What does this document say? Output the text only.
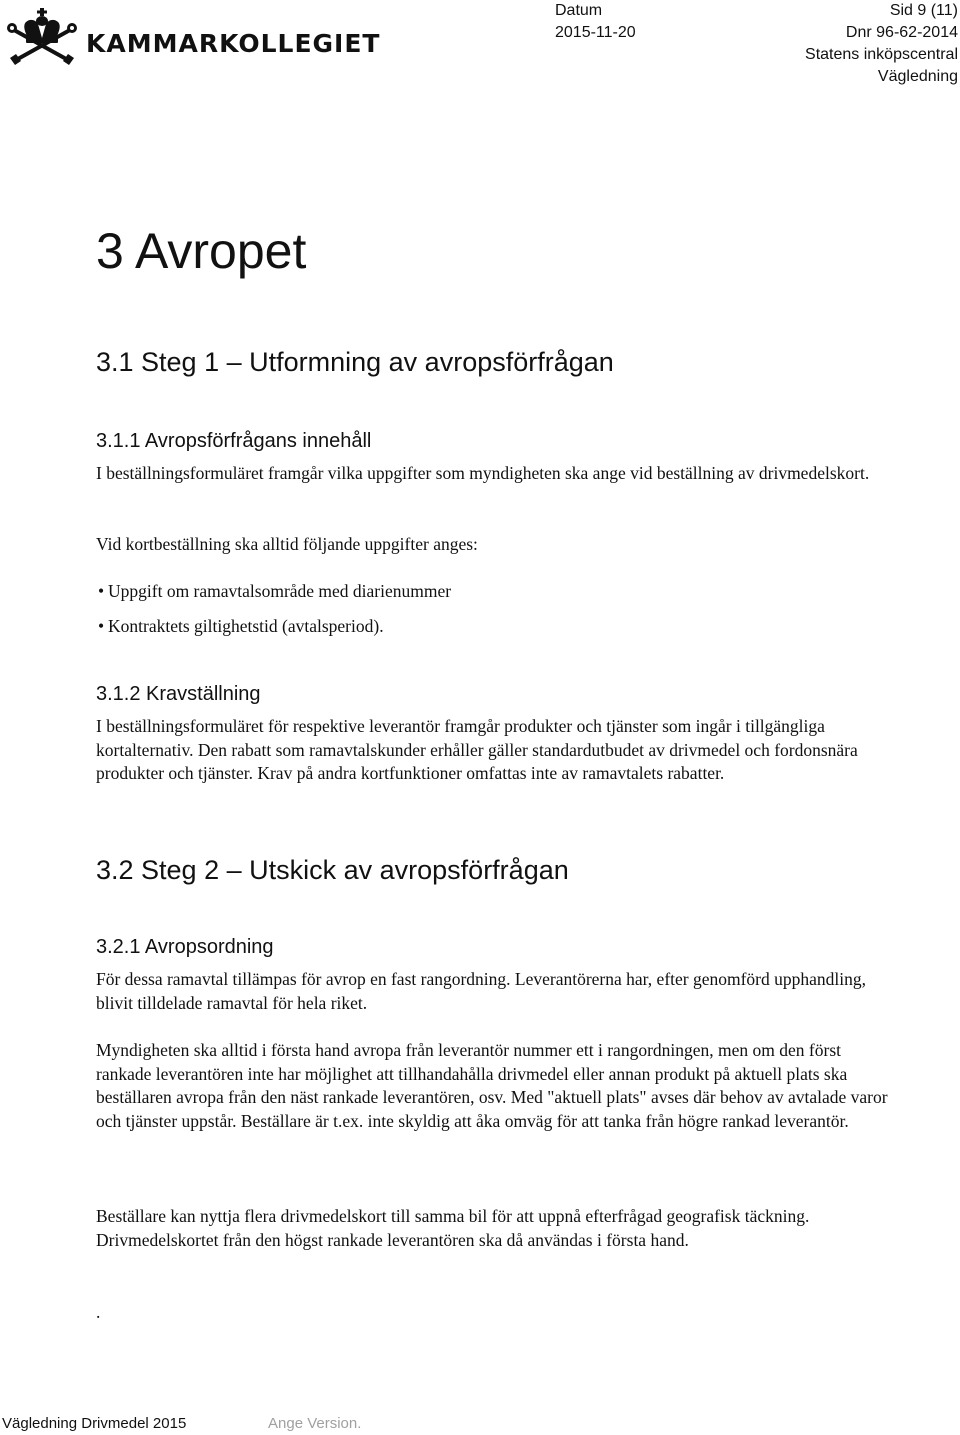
KAMMARKOLLEGIET
Datum
2015-11-20
Sid 9 (11)
Dnr 96-62-2014
Statens inköpscentral
Vägledning
3 Avropet
3.1 Steg 1 – Utformning av avropsförfrågan
3.1.1 Avropsförfrågans innehåll

I beställningsformuläret framgår vilka uppgifter som myndigheten ska ange vid beställning av drivmedelskort.

Vid kortbeställning ska alltid följande uppgifter anges:

• Uppgift om ramavtalsområde med diarienummer
• Kontraktets giltighetstid (avtalsperiod).
3.1.2 Kravställning

I beställningsformuläret för respektive leverantör framgår produkter och tjänster som ingår i tillgängliga kortalternativ. Den rabatt som ramavtalskunder erhåller gäller standardutbudet av drivmedel och fordonsnära produkter och tjänster. Krav på andra kortfunktioner omfattas inte av ramavtalets rabatter.

3.2 Steg 2 – Utskick av avropsförfrågan
3.2.1 Avropsordning

För dessa ramavtal tillämpas för avrop en fast rangordning. Leverantörerna har, efter genomförd upphandling, blivit tilldelade ramavtal för hela riket.

Myndigheten ska alltid i första hand avropa från leverantör nummer ett i rangordningen, men om den först rankade leverantören inte har möjlighet att tillhandahålla drivmedel eller annan produkt på aktuell plats ska beställaren avropa från den näst rankade leverantören, osv. Med "aktuell plats" avses där behov av avtalade varor och tjänster uppstår. Beställare är t.ex. inte skyldig att åka omväg för att tanka från högre rankad leverantör.

Beställare kan nyttja flera drivmedelskort till samma bil för att uppnå efterfrågad geografisk täckning. Drivmedelskortet från den högst rankade leverantören ska då användas i första hand.

.

Vägledning Drivmedel 2015	Ange Version.
